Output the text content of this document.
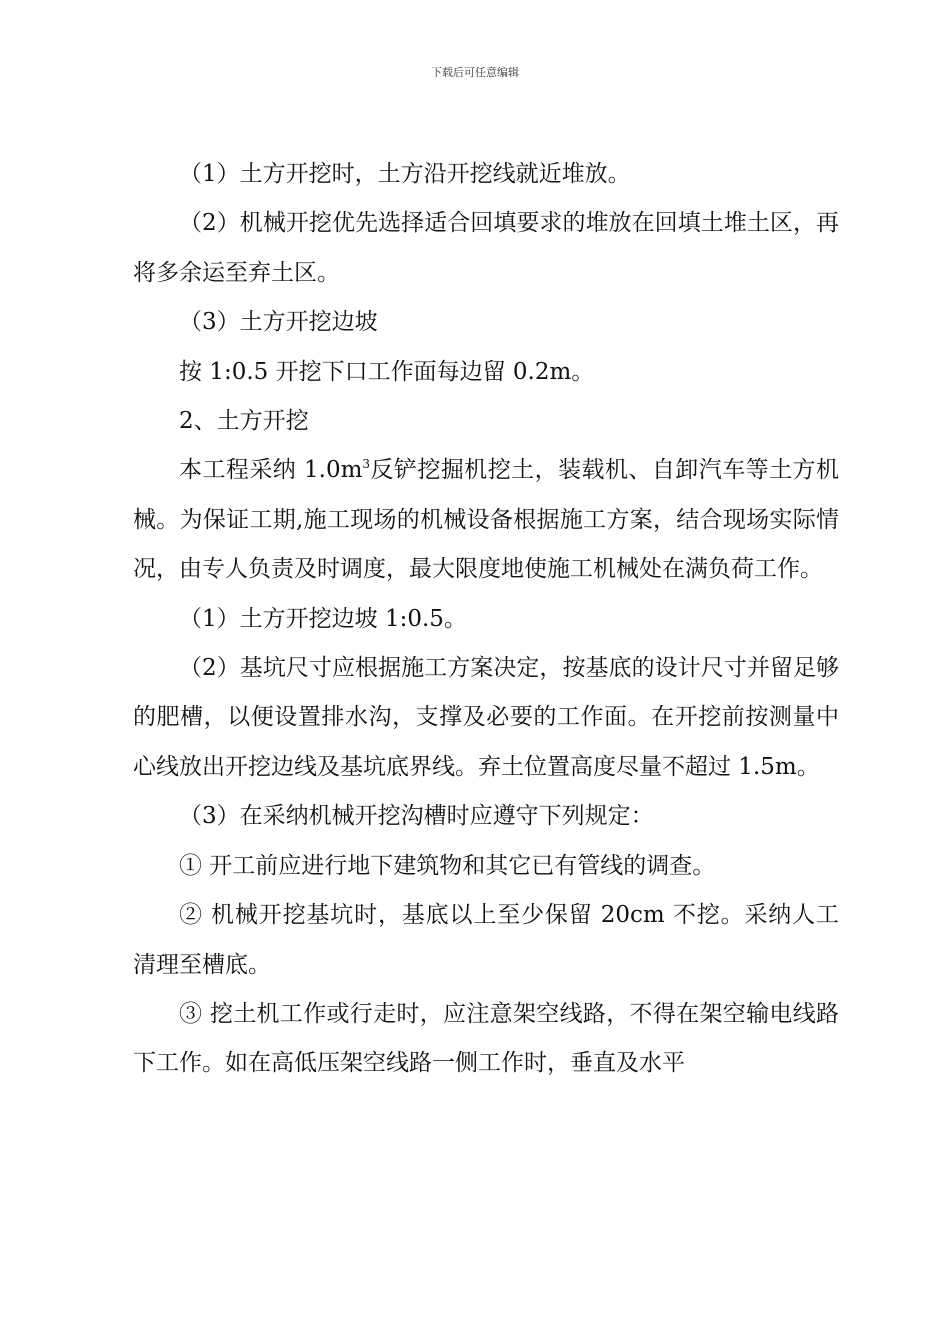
下载后可任意编辑

（1）土方开挖时，土方沿开挖线就近堆放。

（2）机械开挖优先选择适合回填要求的堆放在回填土堆土区，再将多余运至弃土区。

（3）土方开挖边坡

按 1:0.5 开挖下口工作面每边留 0.2m。

2、土方开挖

本工程采纳 $1.0m^3$反铲挖掘机挖土，装载机、自卸汽车等土方机械。为保证工期,施工现场的机械设备根据施工方案，结合现场实际情况，由专人负责及时调度，最大限度地使施工机械处在满负荷工作。

（1）土方开挖边坡 1:0.5。

（2）基坑尺寸应根据施工方案决定，按基底的设计尺寸并留足够的肥槽，以便设置排水沟，支撑及必要的工作面。在开挖前按测量中心线放出开挖边线及基坑底界线。弃土位置高度尽量不超过 1.5m。

（3）在采纳机械开挖沟槽时应遵守下列规定：

① 开工前应进行地下建筑物和其它已有管线的调查。

② 机械开挖基坑时，基底以上至少保留 20cm 不挖。采纳人工清理至槽底。

③ 挖土机工作或行走时，应注意架空线路，不得在架空输电线路下工作。如在高低压架空线路一侧工作时，垂直及水平
